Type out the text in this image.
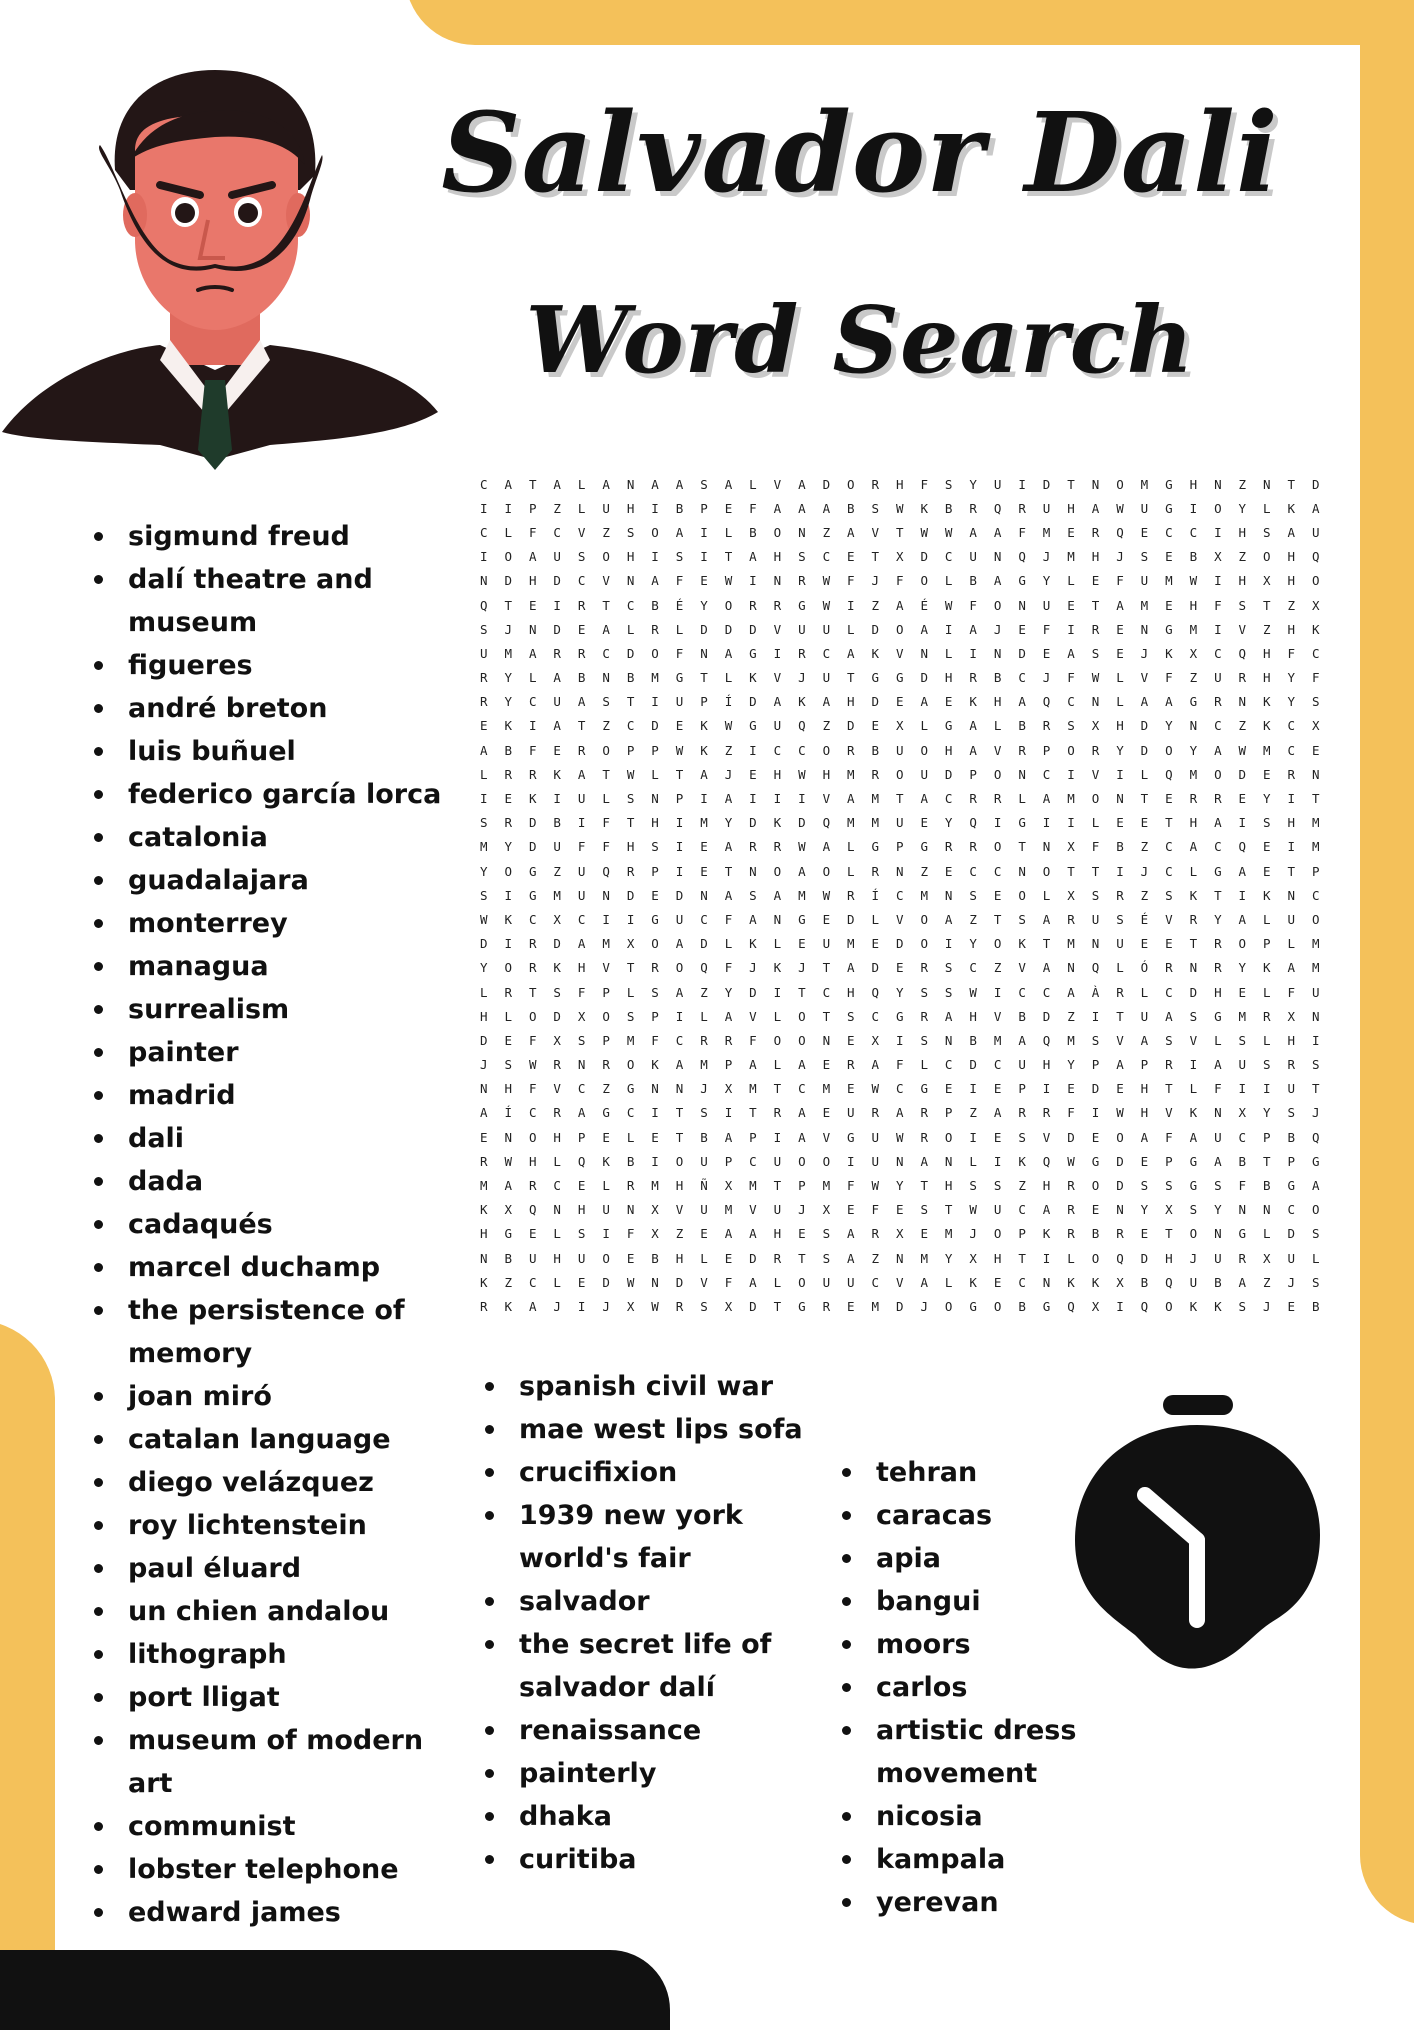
Salvador Dali
Word Search
C	A	T	A	L	A	N	A	A	S	A	L	V	A	D	O	R	H	F	S	Y	U	I	D	T	N	O	M	G	H	N	Z	N	T	D
I	I	P	Z	L	U	H	I	B	P	E	F	A	A	A	B	S	W	K	B	R	Q	R	U	H	A	W	U	G	I	O	Y	L	K	A
C	L	F	C	V	Z	S	O	A	I	L	B	O	N	Z	A	V	T	W	W	A	A	F	M	E	R	Q	E	C	C	I	H	S	A	U
I	O	A	U	S	O	H	I	S	I	T	A	H	S	C	E	T	X	D	C	U	N	Q	J	M	H	J	S	E	B	X	Z	O	H	Q
N	D	H	D	C	V	N	A	F	E	W	I	N	R	W	F	J	F	O	L	B	A	G	Y	L	E	F	U	M	W	I	H	X	H	O
Q	T	E	I	R	T	C	B	É	Y	O	R	R	G	W	I	Z	A	É	W	F	O	N	U	E	T	A	M	E	H	F	S	T	Z	X
S	J	N	D	E	A	L	R	L	D	D	D	V	U	U	L	D	O	A	I	A	J	E	F	I	R	E	N	G	M	I	V	Z	H	K
U	M	A	R	R	C	D	O	F	N	A	G	I	R	C	A	K	V	N	L	I	N	D	E	A	S	E	J	K	X	C	Q	H	F	C
R	Y	L	A	B	N	B	M	G	T	L	K	V	J	U	T	G	G	D	H	R	B	C	J	F	W	L	V	F	Z	U	R	H	Y	F
R	Y	C	U	A	S	T	I	U	P	Í	D	A	K	A	H	D	E	A	E	K	H	A	Q	C	N	L	A	A	G	R	N	K	Y	S
E	K	I	A	T	Z	C	D	E	K	W	G	U	Q	Z	D	E	X	L	G	A	L	B	R	S	X	H	D	Y	N	C	Z	K	C	X
A	B	F	E	R	O	P	P	W	K	Z	I	C	C	O	R	B	U	O	H	A	V	R	P	O	R	Y	D	O	Y	A	W	M	C	E
L	R	R	K	A	T	W	L	T	A	J	E	H	W	H	M	R	O	U	D	P	O	N	C	I	V	I	L	Q	M	O	D	E	R	N
I	E	K	I	U	L	S	N	P	I	A	I	I	I	V	A	M	T	A	C	R	R	L	A	M	O	N	T	E	R	R	E	Y	I	T
S	R	D	B	I	F	T	H	I	M	Y	D	K	D	Q	M	M	U	E	Y	Q	I	G	I	I	L	E	E	T	H	A	I	S	H	M
M	Y	D	U	F	F	H	S	I	E	A	R	R	W	A	L	G	P	G	R	R	O	T	N	X	F	B	Z	C	A	C	Q	E	I	M
Y	O	G	Z	U	Q	R	P	I	E	T	N	O	A	O	L	R	N	Z	E	C	C	N	O	T	T	I	J	C	L	G	A	E	T	P
S	I	G	M	U	N	D	E	D	N	A	S	A	M	W	R	Í	C	M	N	S	E	O	L	X	S	R	Z	S	K	T	I	K	N	C
W	K	C	X	C	I	I	G	U	C	F	A	N	G	E	D	L	V	O	A	Z	T	S	A	R	U	S	É	V	R	Y	A	L	U	O
D	I	R	D	A	M	X	O	A	D	L	K	L	E	U	M	E	D	O	I	Y	O	K	T	M	N	U	E	E	T	R	O	P	L	M
Y	O	R	K	H	V	T	R	O	Q	F	J	K	J	T	A	D	E	R	S	C	Z	V	A	N	Q	L	Ó	R	N	R	Y	K	A	M
L	R	T	S	F	P	L	S	A	Z	Y	D	I	T	C	H	Q	Y	S	S	W	I	C	C	A	À	R	L	C	D	H	E	L	F	U
H	L	O	D	X	O	S	P	I	L	A	V	L	O	T	S	C	G	R	A	H	V	B	D	Z	I	T	U	A	S	G	M	R	X	N
D	E	F	X	S	P	M	F	C	R	R	F	O	O	N	E	X	I	S	N	B	M	A	Q	M	S	V	A	S	V	L	S	L	H	I
J	S	W	R	N	R	O	K	A	M	P	A	L	A	E	R	A	F	L	C	D	C	U	H	Y	P	A	P	R	I	A	U	S	R	S
N	H	F	V	C	Z	G	N	N	J	X	M	T	C	M	E	W	C	G	E	I	E	P	I	E	D	E	H	T	L	F	I	I	U	T
A	Í	C	R	A	G	C	I	T	S	I	T	R	A	E	U	R	A	R	P	Z	A	R	R	F	I	W	H	V	K	N	X	Y	S	J
E	N	O	H	P	E	L	E	T	B	A	P	I	A	V	G	U	W	R	O	I	E	S	V	D	E	O	A	F	A	U	C	P	B	Q
R	W	H	L	Q	K	B	I	O	U	P	C	U	O	O	I	U	N	A	N	L	I	K	Q	W	G	D	E	P	G	A	B	T	P	G
M	A	R	C	E	L	R	M	H	Ñ	X	M	T	P	M	F	W	Y	T	H	S	S	Z	H	R	O	D	S	S	G	S	F	B	G	A
K	X	Q	N	H	U	N	X	V	U	M	V	U	J	X	E	F	E	S	T	W	U	C	A	R	E	N	Y	X	S	Y	N	N	C	O
H	G	E	L	S	I	F	X	Z	E	A	A	H	E	S	A	R	X	E	M	J	O	P	K	R	B	R	E	T	O	N	G	L	D	S
N	B	U	H	U	O	E	B	H	L	E	D	R	T	S	A	Z	N	M	Y	X	H	T	I	L	O	Q	D	H	J	U	R	X	U	L
K	Z	C	L	E	D	W	N	D	V	F	A	L	O	U	U	C	V	A	L	K	E	C	N	K	K	X	B	Q	U	B	A	Z	J	S
R	K	A	J	I	J	X	W	R	S	X	D	T	G	R	E	M	D	J	O	G	O	B	G	Q	X	I	Q	O	K	K	S	J	E	B
sigmund freud
dalí theatre and museum
figueres
andré breton
luis buñuel
federico garcía lorca
catalonia
guadalajara
monterrey
managua
surrealism
painter
madrid
dali
dada
cadaqués
marcel duchamp
the persistence of memory
joan miró
catalan language
diego velázquez
roy lichtenstein
paul éluard
un chien andalou
lithograph
port lligat
museum of modern art
communist
lobster telephone
edward james
spanish civil war
mae west lips sofa
crucifixion
1939 new york world's fair
salvador
the secret life of salvador dalí
renaissance
painterly
dhaka
curitiba
tehran
caracas
apia
bangui
moors
carlos
artistic dress movement
nicosia
kampala
yerevan
